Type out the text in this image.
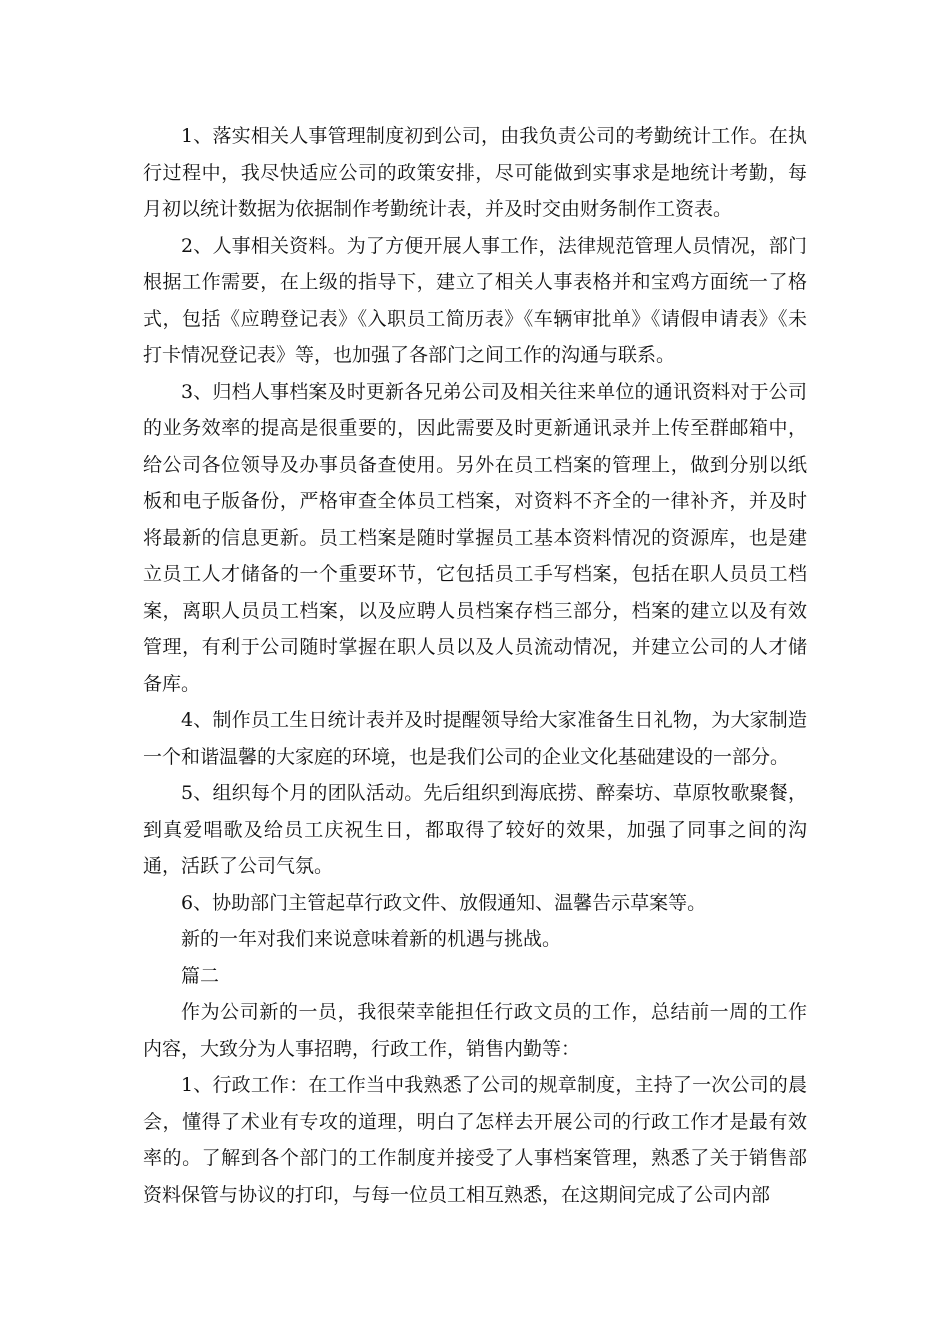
1、落实相关人事管理制度初到公司，由我负责公司的考勤统计工作。在执行过程中，我尽快适应公司的政策安排，尽可能做到实事求是地统计考勤，每月初以统计数据为依据制作考勤统计表，并及时交由财务制作工资表。

2、人事相关资料。为了方便开展人事工作，法律规范管理人员情况，部门根据工作需要，在上级的指导下，建立了相关人事表格并和宝鸡方面统一了格式，包括《应聘登记表》《入职员工简历表》《车辆审批单》《请假申请表》《未打卡情况登记表》等，也加强了各部门之间工作的沟通与联系。

3、归档人事档案及时更新各兄弟公司及相关往来单位的通讯资料对于公司的业务效率的提高是很重要的，因此需要及时更新通讯录并上传至群邮箱中，给公司各位领导及办事员备查使用。另外在员工档案的管理上，做到分别以纸板和电子版备份，严格审查全体员工档案，对资料不齐全的一律补齐，并及时将最新的信息更新。员工档案是随时掌握员工基本资料情况的资源库，也是建立员工人才储备的一个重要环节，它包括员工手写档案，包括在职人员员工档案，离职人员员工档案，以及应聘人员档案存档三部分，档案的建立以及有效管理，有利于公司随时掌握在职人员以及人员流动情况，并建立公司的人才储备库。

4、制作员工生日统计表并及时提醒领导给大家准备生日礼物，为大家制造一个和谐温馨的大家庭的环境，也是我们公司的企业文化基础建设的一部分。

5、组织每个月的团队活动。先后组织到海底捞、醉秦坊、草原牧歌聚餐，到真爱唱歌及给员工庆祝生日，都取得了较好的效果，加强了同事之间的沟通，活跃了公司气氛。

6、协助部门主管起草行政文件、放假通知、温馨告示草案等。

新的一年对我们来说意味着新的机遇与挑战。

篇二

作为公司新的一员，我很荣幸能担任行政文员的工作，总结前一周的工作内容，大致分为人事招聘，行政工作，销售内勤等：

1、行政工作：在工作当中我熟悉了公司的规章制度，主持了一次公司的晨会，懂得了术业有专攻的道理，明白了怎样去开展公司的行政工作才是最有效率的。了解到各个部门的工作制度并接受了人事档案管理，熟悉了关于销售部资料保管与协议的打印，与每一位员工相互熟悉，在这期间完成了公司内部
